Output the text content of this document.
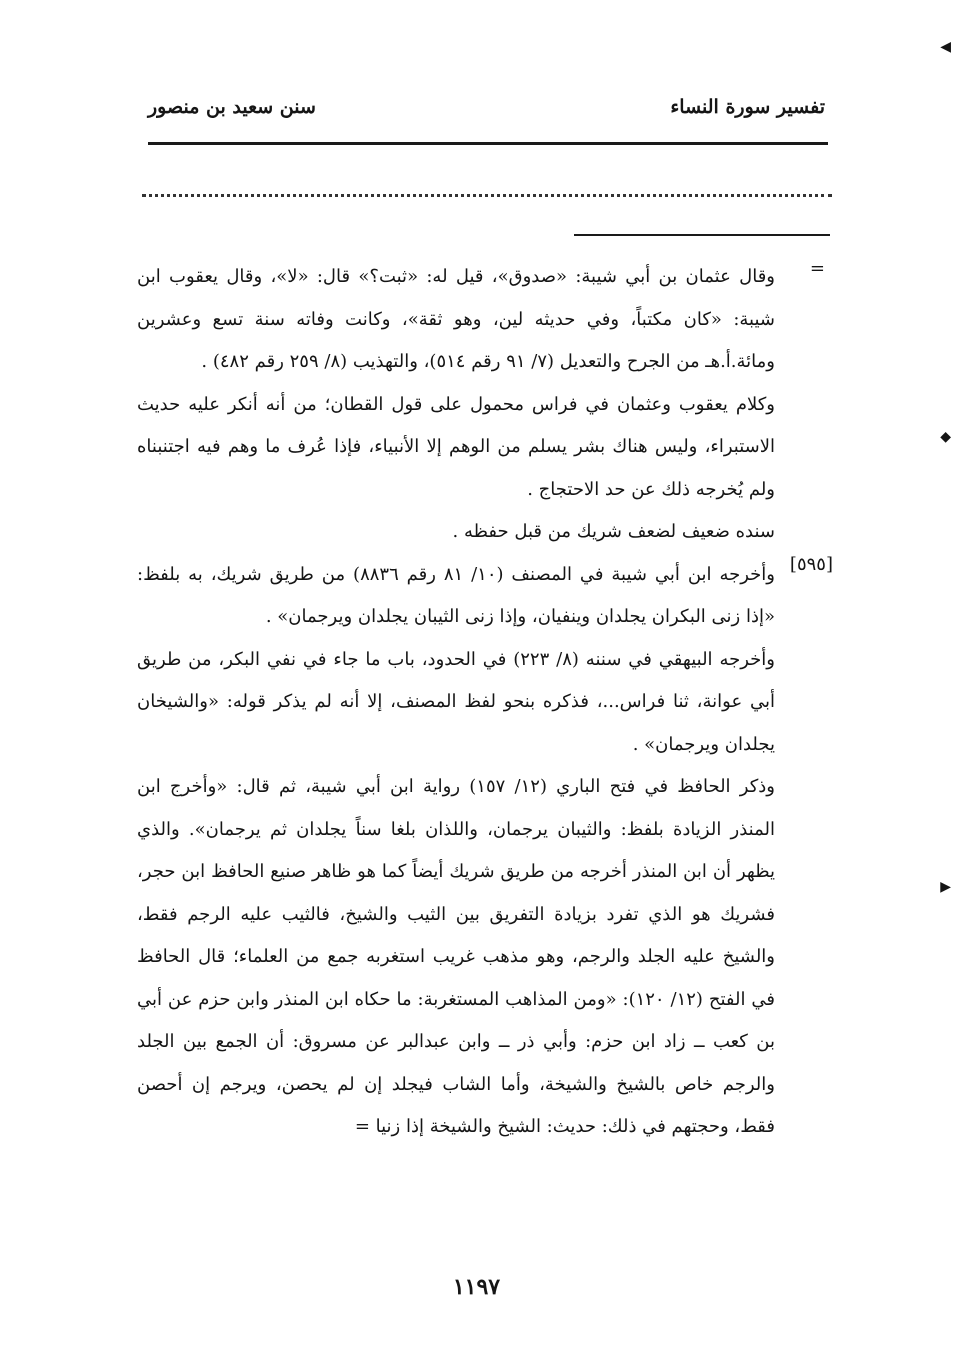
تفسير سورة النساء
سنن سعيد بن منصور
=
[٥٩٥]

وقال عثمان بن أبي شيبة: «صدوق»، قيل له: «ثبت؟» قال: «لا»، وقال يعقوب ابن شيبة: «كان مكتباً، وفي حديثه لين، وهو ثقة»، وكانت وفاته سنة تسع وعشرين ومائة.أ.هـ من الجرح والتعديل (٧/ ٩١ رقم ٥١٤)، والتهذيب (٨/ ٢٥٩ رقم ٤٨٢) .

وكلام يعقوب وعثمان في فراس محمول على قول القطان؛ من أنه أنكر عليه حديث الاستبراء، وليس هناك بشر يسلم من الوهم إلا الأنبياء، فإذا عُرف ما وهم فيه اجتنبناه ولم يُخرجه ذلك عن حد الاحتجاج .

سنده ضعيف لضعف شريك من قبل حفظه .

وأخرجه ابن أبي شيبة في المصنف (١٠/ ٨١ رقم ٨٨٣٦) من طريق شريك، به بلفظ: «إذا زنى البكران يجلدان وينفيان، وإذا زنى الثيبان يجلدان ويرجمان» .

وأخرجه البيهقي في سننه (٨/ ٢٢٣) في الحدود، باب ما جاء في نفي البكر، من طريق أبي عوانة، ثنا فراس...، فذكره بنحو لفظ المصنف، إلا أنه لم يذكر قوله: «والشيخان يجلدان ويرجمان» .

وذكر الحافظ في فتح الباري (١٢/ ١٥٧) رواية ابن أبي شيبة، ثم قال: «وأخرج ابن المنذر الزيادة بلفظ: والثيبان يرجمان، واللذان بلغا سناً يجلدان ثم يرجمان». والذي يظهر أن ابن المنذر أخرجه من طريق شريك أيضاً كما هو ظاهر صنيع الحافظ ابن حجر، فشريك هو الذي تفرد بزيادة التفريق بين الثيب والشيخ، فالثيب عليه الرجم فقط، والشيخ عليه الجلد والرجم، وهو مذهب غريب استغربه جمع من العلماء؛ قال الحافظ في الفتح (١٢/ ١٢٠): «ومن المذاهب المستغربة: ما حكاه ابن المنذر وابن حزم عن أبي بن كعب ــ زاد ابن حزم: وأبي ذر ــ وابن عبدالبر عن مسروق: أن الجمع بين الجلد والرجم خاص بالشيخ والشيخة، وأما الشاب فيجلد إن لم يحصن، ويرجم إن أحصن فقط، وحجتهم في ذلك: حديث: الشيخ والشيخة إذا زنيا =

١١٩٧
◀
◆
▶
